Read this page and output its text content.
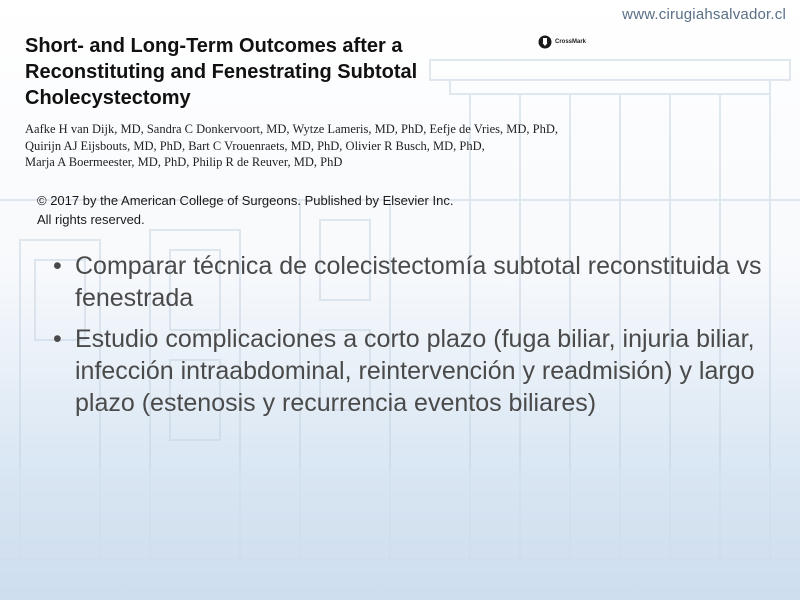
www.cirugiahsalvador.cl
Short- and Long-Term Outcomes after a
Reconstituting and Fenestrating Subtotal
Cholecystectomy
CrossMark
Aafke H van Dijk, MD, Sandra C Donkervoort, MD, Wytze Lameris, MD, PhD, Eefje de Vries, MD, PhD,
Quirijn AJ Eijsbouts, MD, PhD, Bart C Vrouenraets, MD, PhD, Olivier R Busch, MD, PhD,
Marja A Boermeester, MD, PhD, Philip R de Reuver, MD, PhD
© 2017 by the American College of Surgeons. Published by Elsevier Inc.
All rights reserved.
• Comparar técnica de colecistectomía subtotal reconstituida vs fenestrada
• Estudio complicaciones a corto plazo (fuga biliar, injuria biliar, infección intraabdominal, reintervención y readmisión) y largo plazo (estenosis y recurrencia eventos biliares)
